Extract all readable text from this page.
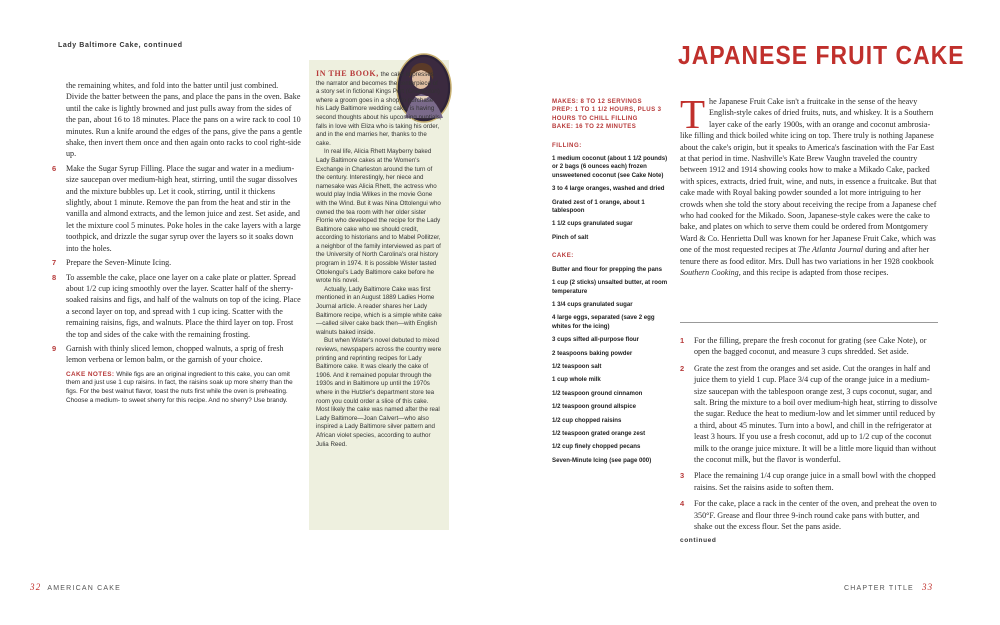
Lady Baltimore Cake, continued

the remaining whites, and fold into the batter until just combined. Divide the batter between the pans, and place the pans in the oven. Bake until the cake is lightly browned and just pulls away from the sides of the pan, about 16 to 18 minutes. Place the pans on a wire rack to cool 10 minutes. Run a knife around the edges of the pans, give the pans a gentle shake, then invert them once and then again onto racks to cool right-side up.

6	Make the Sugar Syrup Filling. Place the sugar and water in a medium-size saucepan over medium-high heat, stirring, until the sugar dissolves and the mixture bubbles up. Let it cook, stirring, until it thickens slightly, about 1 minute. Remove the pan from the heat and stir in the vanilla and almond extracts, and the lemon juice and zest. Set aside, and let the mixture cool 5 minutes. Poke holes in the cake layers with a large toothpick, and drizzle the sugar syrup over the layers so it soaks down into the holes.
7	Prepare the Seven-Minute Icing.
8	To assemble the cake, place one layer on a cake plate or platter. Spread about 1/2 cup icing smoothly over the layer. Scatter half of the sherry-soaked raisins and figs, and half of the walnuts on top of the icing. Place a second layer on top, and spread with 1 cup icing. Scatter with the remaining raisins, figs, and walnuts. Place the third layer on top. Frost the top and sides of the cake with the remaining frosting.
9	Garnish with thinly sliced lemon, chopped walnuts, a sprig of fresh lemon verbena or lemon balm, or the garnish of your choice.
CAKE NOTES: While figs are an original ingredient to this cake, you can omit them and just use 1 cup raisins. In fact, the raisins soak up more sherry than the figs. For the best walnut flavor, toast the nuts first while the oven is preheating. Choose a medium- to sweet sherry for this recipe. And no sherry? Use brandy.

IN THE BOOK, the cake impresses the narrator and becomes the centerpiece of a story set in fictional Kings Port (Charleston) where a groom goes in a shop to purchase his Lady Baltimore wedding cake, is having second thoughts about his upcoming nuptials, falls in love with Eliza who is taking his order, and in the end marries her, thanks to the cake.

In real life, Alicia Rhett Mayberry baked Lady Baltimore cakes at the Women's Exchange in Charleston around the turn of the century. Interestingly, her niece and namesake was Alicia Rhett, the actress who would play India Wilkes in the movie Gone with the Wind. But it was Nina Ottolengui who owned the tea room with her older sister Florrie who developed the recipe for the Lady Baltimore cake who we should credit, according to historians and to Mabel Pollitzer, a neighbor of the family interviewed as part of the University of North Carolina's oral history program in 1974. It is possible Wister tasted Ottolengui's Lady Baltimore cake before he wrote his novel.

Actually, Lady Baltimore Cake was first mentioned in an August 1889 Ladies Home Journal article. A reader shares her Lady Baltimore recipe, which is a simple white cake—called silver cake back then—with English walnuts baked inside.

But when Wister's novel debuted to mixed reviews, newspapers across the country were printing and reprinting recipes for Lady Baltimore cake. It was clearly the cake of 1906. And it remained popular through the 1930s and in Baltimore up until the 1970s where in the Hutzler's department store tea room you could order a slice of this cake. Most likely the cake was named after the real Lady Baltimore—Joan Calvert—who also inspired a Lady Baltimore silver pattern and African violet species, according to author Julia Reed.

32 AMERICAN CAKE
JAPANESE FRUIT CAKE
MAKES: 8 TO 12 SERVINGS
PREP: 1 TO 1 1/2 HOURS, PLUS 3 HOURS TO CHILL FILLING
BAKE: 16 TO 22 MINUTES
FILLING:
1 medium coconut (about 1 1/2 pounds) or 2 bags (6 ounces each) frozen unsweetened coconut (see Cake Note)
3 to 4 large oranges, washed and dried
Grated zest of 1 orange, about 1 tablespoon
1 1/2 cups granulated sugar
Pinch of salt
CAKE:
Butter and flour for prepping the pans
1 cup (2 sticks) unsalted butter, at room temperature
1 3/4 cups granulated sugar
4 large eggs, separated (save 2 egg whites for the icing)
3 cups sifted all-purpose flour
2 teaspoons baking powder
1/2 teaspoon salt
1 cup whole milk
1/2 teaspoon ground cinnamon
1/2 teaspoon ground allspice
1/2 cup chopped raisins
1/2 teaspoon grated orange zest
1/2 cup finely chopped pecans
Seven-Minute Icing (see page 000)
The Japanese Fruit Cake isn't a fruitcake in the sense of the heavy English-style cakes of dried fruits, nuts, and whiskey. It is a Southern layer cake of the early 1900s, with an orange and coconut ambrosia-like filling and thick boiled white icing on top. There truly is nothing Japanese about the cake's origin, but it speaks to America's fascination with the Far East at that period in time. Nashville's Kate Brew Vaughn traveled the country between 1912 and 1914 showing cooks how to make a Mikado Cake, packed with spices, extracts, dried fruit, wine, and nuts, in essence a fruitcake. But that cake made with Royal baking powder sounded a lot more intriguing to her crowds when she told the story about receiving the recipe from a Japanese chef who had cooked for the Mikado. Soon, Japanese-style cakes were the cake to bake, and plates on which to serve them could be ordered from Montgomery Ward & Co. Henrietta Dull was known for her Japanese Fruit Cake, which was one of the most requested recipes at The Atlanta Journal during and after her tenure there as food editor. Mrs. Dull has two variations in her 1928 cookbook Southern Cooking, and this recipe is adapted from those recipes.
1	For the filling, prepare the fresh coconut for grating (see Cake Note), or open the bagged coconut, and measure 3 cups shredded. Set aside.
2	Grate the zest from the oranges and set aside. Cut the oranges in half and juice them to yield 1 cup. Place 3/4 cup of the orange juice in a medium-size saucepan with the tablespoon orange zest, 3 cups coconut, sugar, and salt. Bring the mixture to a boil over medium-high heat, stirring to dissolve the sugar. Reduce the heat to medium-low and let simmer until reduced by a third, about 45 minutes. Turn into a bowl, and chill in the refrigerator at least 3 hours. If you use a fresh coconut, add up to 1/2 cup of the coconut milk to the orange juice mixture. It will be a little more liquid than without the coconut milk, but the flavor is wonderful.
3	Place the remaining 1/4 cup orange juice in a small bowl with the chopped raisins. Set the raisins aside to soften them.
4	For the cake, place a rack in the center of the oven, and preheat the oven to 350°F. Grease and flour three 9-inch round cake pans with butter, and shake out the excess flour. Set the pans aside.
continued
CHAPTER TITLE 33
